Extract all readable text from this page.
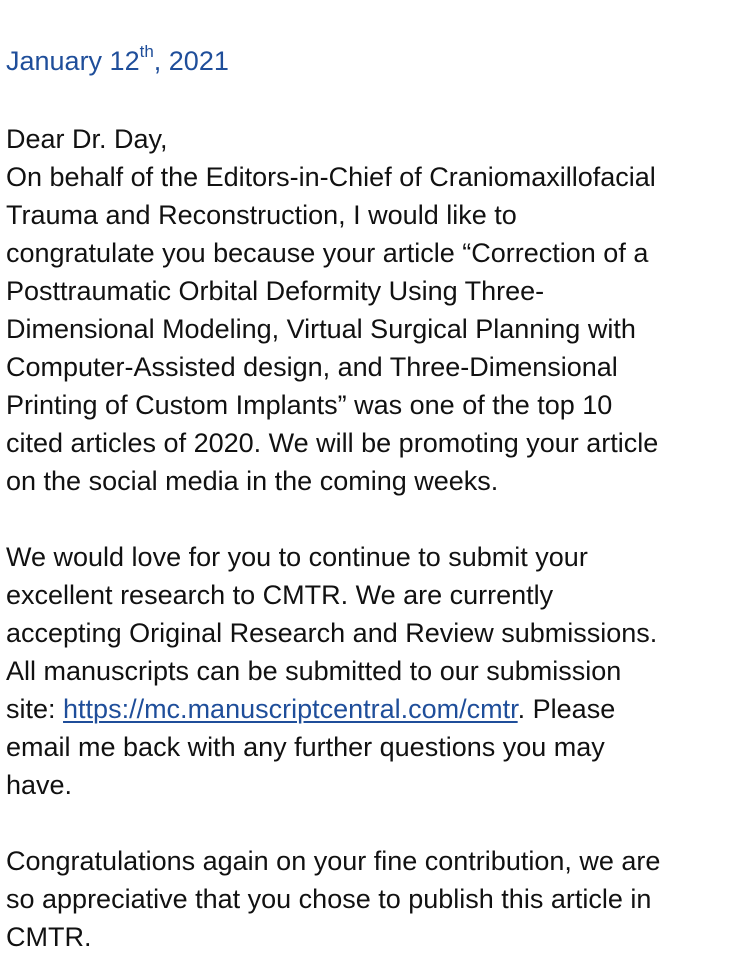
January 12th, 2021
Dear Dr. Day,
On behalf of the Editors-in-Chief of Craniomaxillofacial
Trauma and Reconstruction, I would like to
congratulate you because your article “Correction of a
Posttraumatic Orbital Deformity Using Three-
Dimensional Modeling, Virtual Surgical Planning with
Computer-Assisted design, and Three-Dimensional
Printing of Custom Implants” was one of the top 10
cited articles of 2020. We will be promoting your article
on the social media in the coming weeks.
We would love for you to continue to submit your
excellent research to CMTR. We are currently
accepting Original Research and Review submissions.
All manuscripts can be submitted to our submission
site: https://mc.manuscriptcentral.com/cmtr. Please
email me back with any further questions you may
have.
Congratulations again on your fine contribution, we are
so appreciative that you chose to publish this article in
CMTR.
